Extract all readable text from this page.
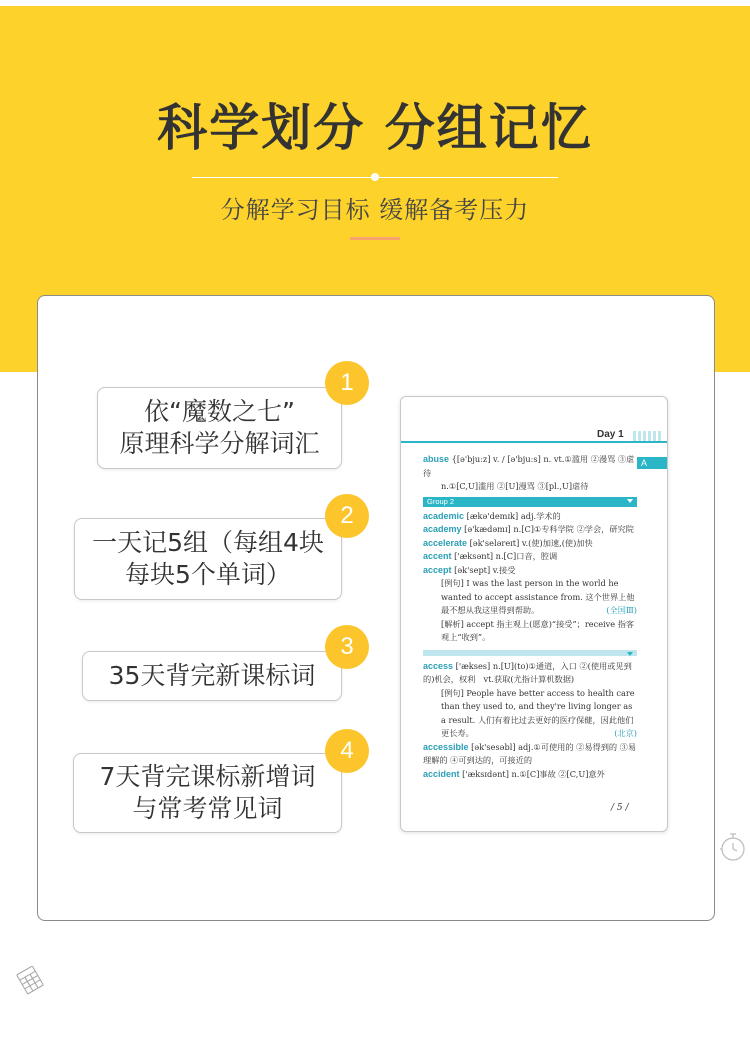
科学划分 分组记忆
分解学习目标 缓解备考压力
依“魔数之七”
原理科学分解词汇
1
一天记5组（每组4块
每块5个单词）
2
35天背完新课标词
3
7天背完课标新增词
与常考常见词
4
Day 1
A
abuse {[ə'bjuːz] v. / [ə'bjuːs] n. vt.①滥用 ②漫骂 ③虐待
n.①[C,U]滥用 ②[U]漫骂 ③[pl.,U]虐待
Group 2
academic [ækə'demɪk] adj.学术的
academy [ə'kædəmɪ] n.[C]①专科学院 ②学会，研究院
accelerate [ək'seləreɪt] v.(使)加速,(使)加快
accent ['æksənt] n.[C]口音，腔调
accept [ək'sept] v.接受
[例句] I was the last person in the world he wanted to accept assistance from. 这个世界上他最不想从我这里得到帮助。	(全国Ⅲ)
[解析] accept 指主观上(愿意)“接受”；receive 指客观上“收到”。
access ['ækses] n.[U](to)①通道，入口 ②(使用或见到的)机会，权利　vt.获取(尤指计算机数据)
[例句] People have better access to health care than they used to, and they're living longer as a result. 人们有着比过去更好的医疗保健，因此他们更长寿。	(北京)
accessible [ək'sesəbl] adj.①可使用的 ②易得到的 ③易理解的 ④可到达的，可接近的
accident ['æksɪdənt] n.①[C]事故 ②[C,U]意外
/ 5 /
